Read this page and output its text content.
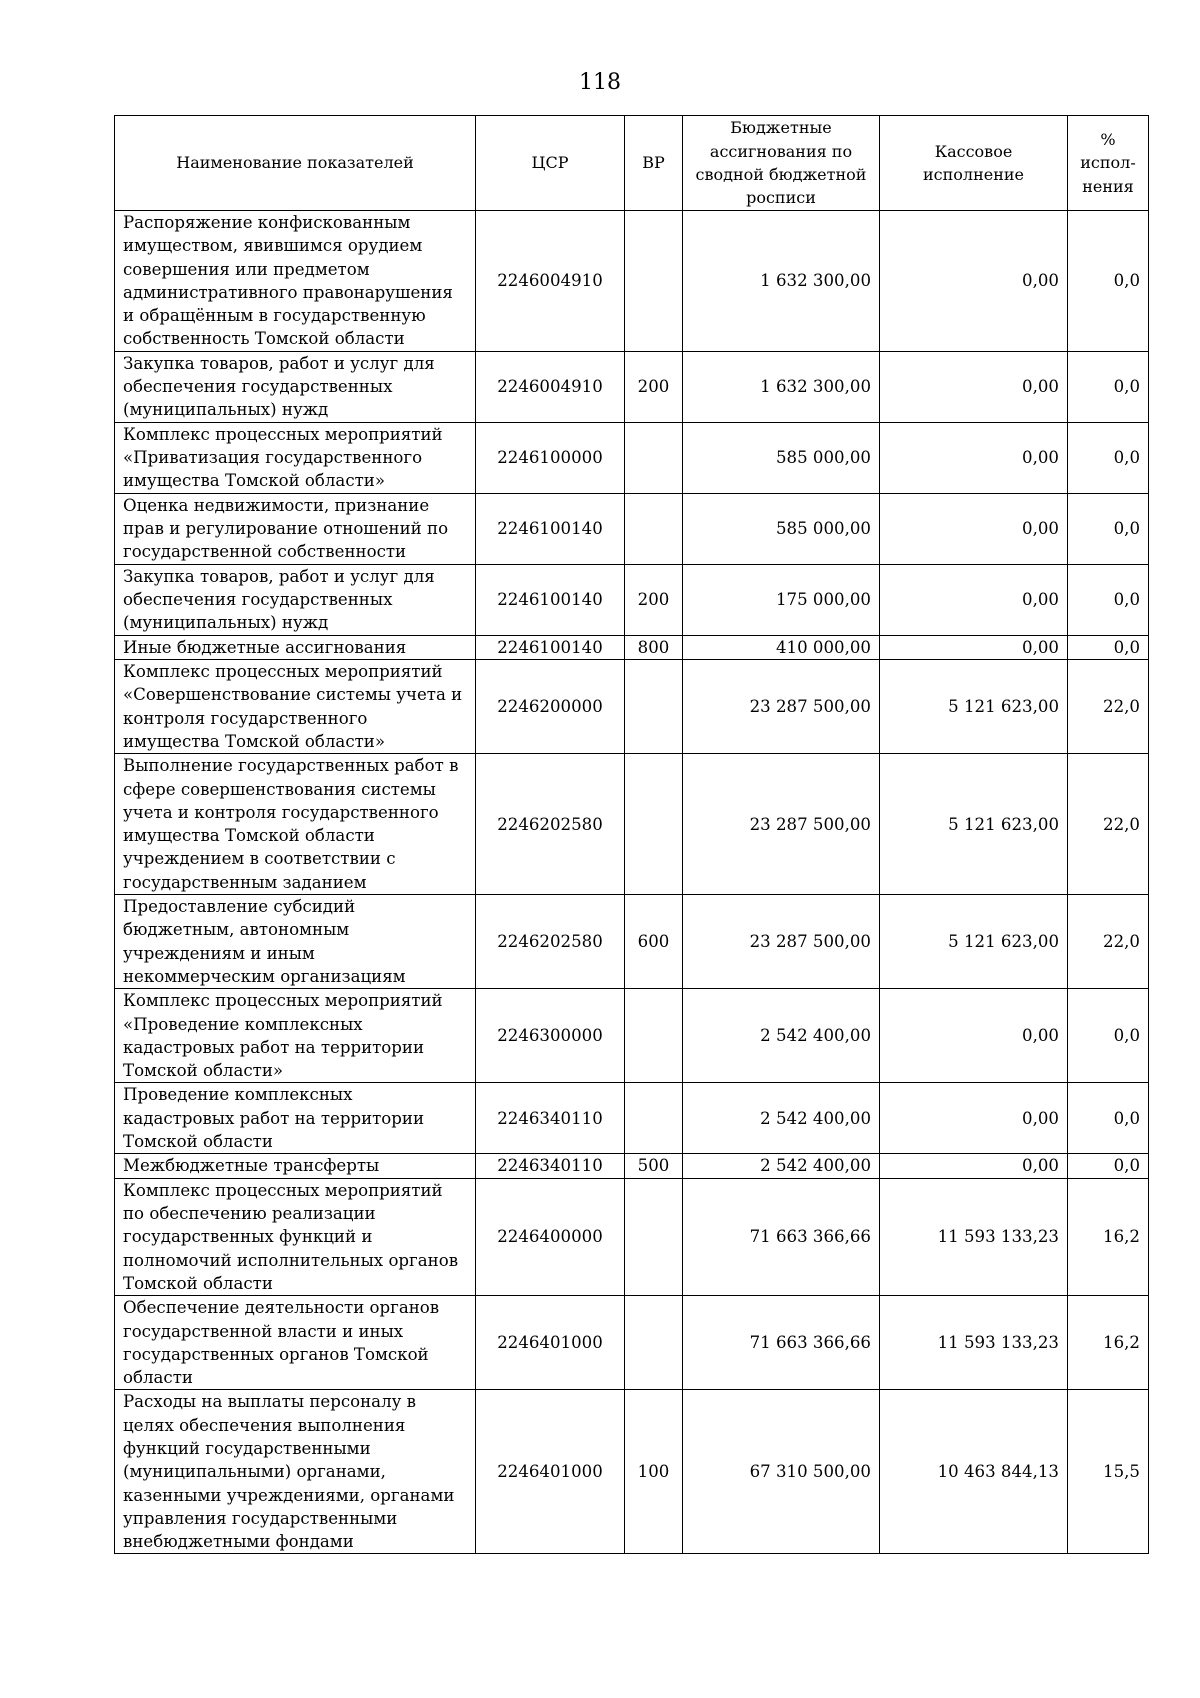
118
Наименование показателей	ЦСР	ВР	Бюджетные ассигнования по сводной бюджетной росписи	Кассовое исполнение	% испол-нения
Распоряжение конфискованным имуществом, явившимся орудием совершения или предметом административного правонарушения и обращённым в государственную собственность Томской области	2246004910		1 632 300,00	0,00	0,0
Закупка товаров, работ и услуг для обеспечения государственных (муниципальных) нужд	2246004910	200	1 632 300,00	0,00	0,0
Комплекс процессных мероприятий «Приватизация государственного имущества Томской области»	2246100000		585 000,00	0,00	0,0
Оценка недвижимости, признание прав и регулирование отношений по государственной собственности	2246100140		585 000,00	0,00	0,0
Закупка товаров, работ и услуг для обеспечения государственных (муниципальных) нужд	2246100140	200	175 000,00	0,00	0,0
Иные бюджетные ассигнования	2246100140	800	410 000,00	0,00	0,0
Комплекс процессных мероприятий «Совершенствование системы учета и контроля государственного имущества Томской области»	2246200000		23 287 500,00	5 121 623,00	22,0
Выполнение государственных работ в сфере совершенствования системы учета и контроля государственного имущества Томской области учреждением в соответствии с государственным заданием	2246202580		23 287 500,00	5 121 623,00	22,0
Предоставление субсидий бюджетным, автономным учреждениям и иным некоммерческим организациям	2246202580	600	23 287 500,00	5 121 623,00	22,0
Комплекс процессных мероприятий «Проведение комплексных кадастровых работ на территории Томской области»	2246300000		2 542 400,00	0,00	0,0
Проведение комплексных кадастровых работ на территории Томской области	2246340110		2 542 400,00	0,00	0,0
Межбюджетные трансферты	2246340110	500	2 542 400,00	0,00	0,0
Комплекс процессных мероприятий по обеспечению реализации государственных функций и полномочий исполнительных органов Томской области	2246400000		71 663 366,66	11 593 133,23	16,2
Обеспечение деятельности органов государственной власти и иных государственных органов Томской области	2246401000		71 663 366,66	11 593 133,23	16,2
Расходы на выплаты персоналу в целях обеспечения выполнения функций государственными (муниципальными) органами, казенными учреждениями, органами управления государственными внебюджетными фондами	2246401000	100	67 310 500,00	10 463 844,13	15,5
